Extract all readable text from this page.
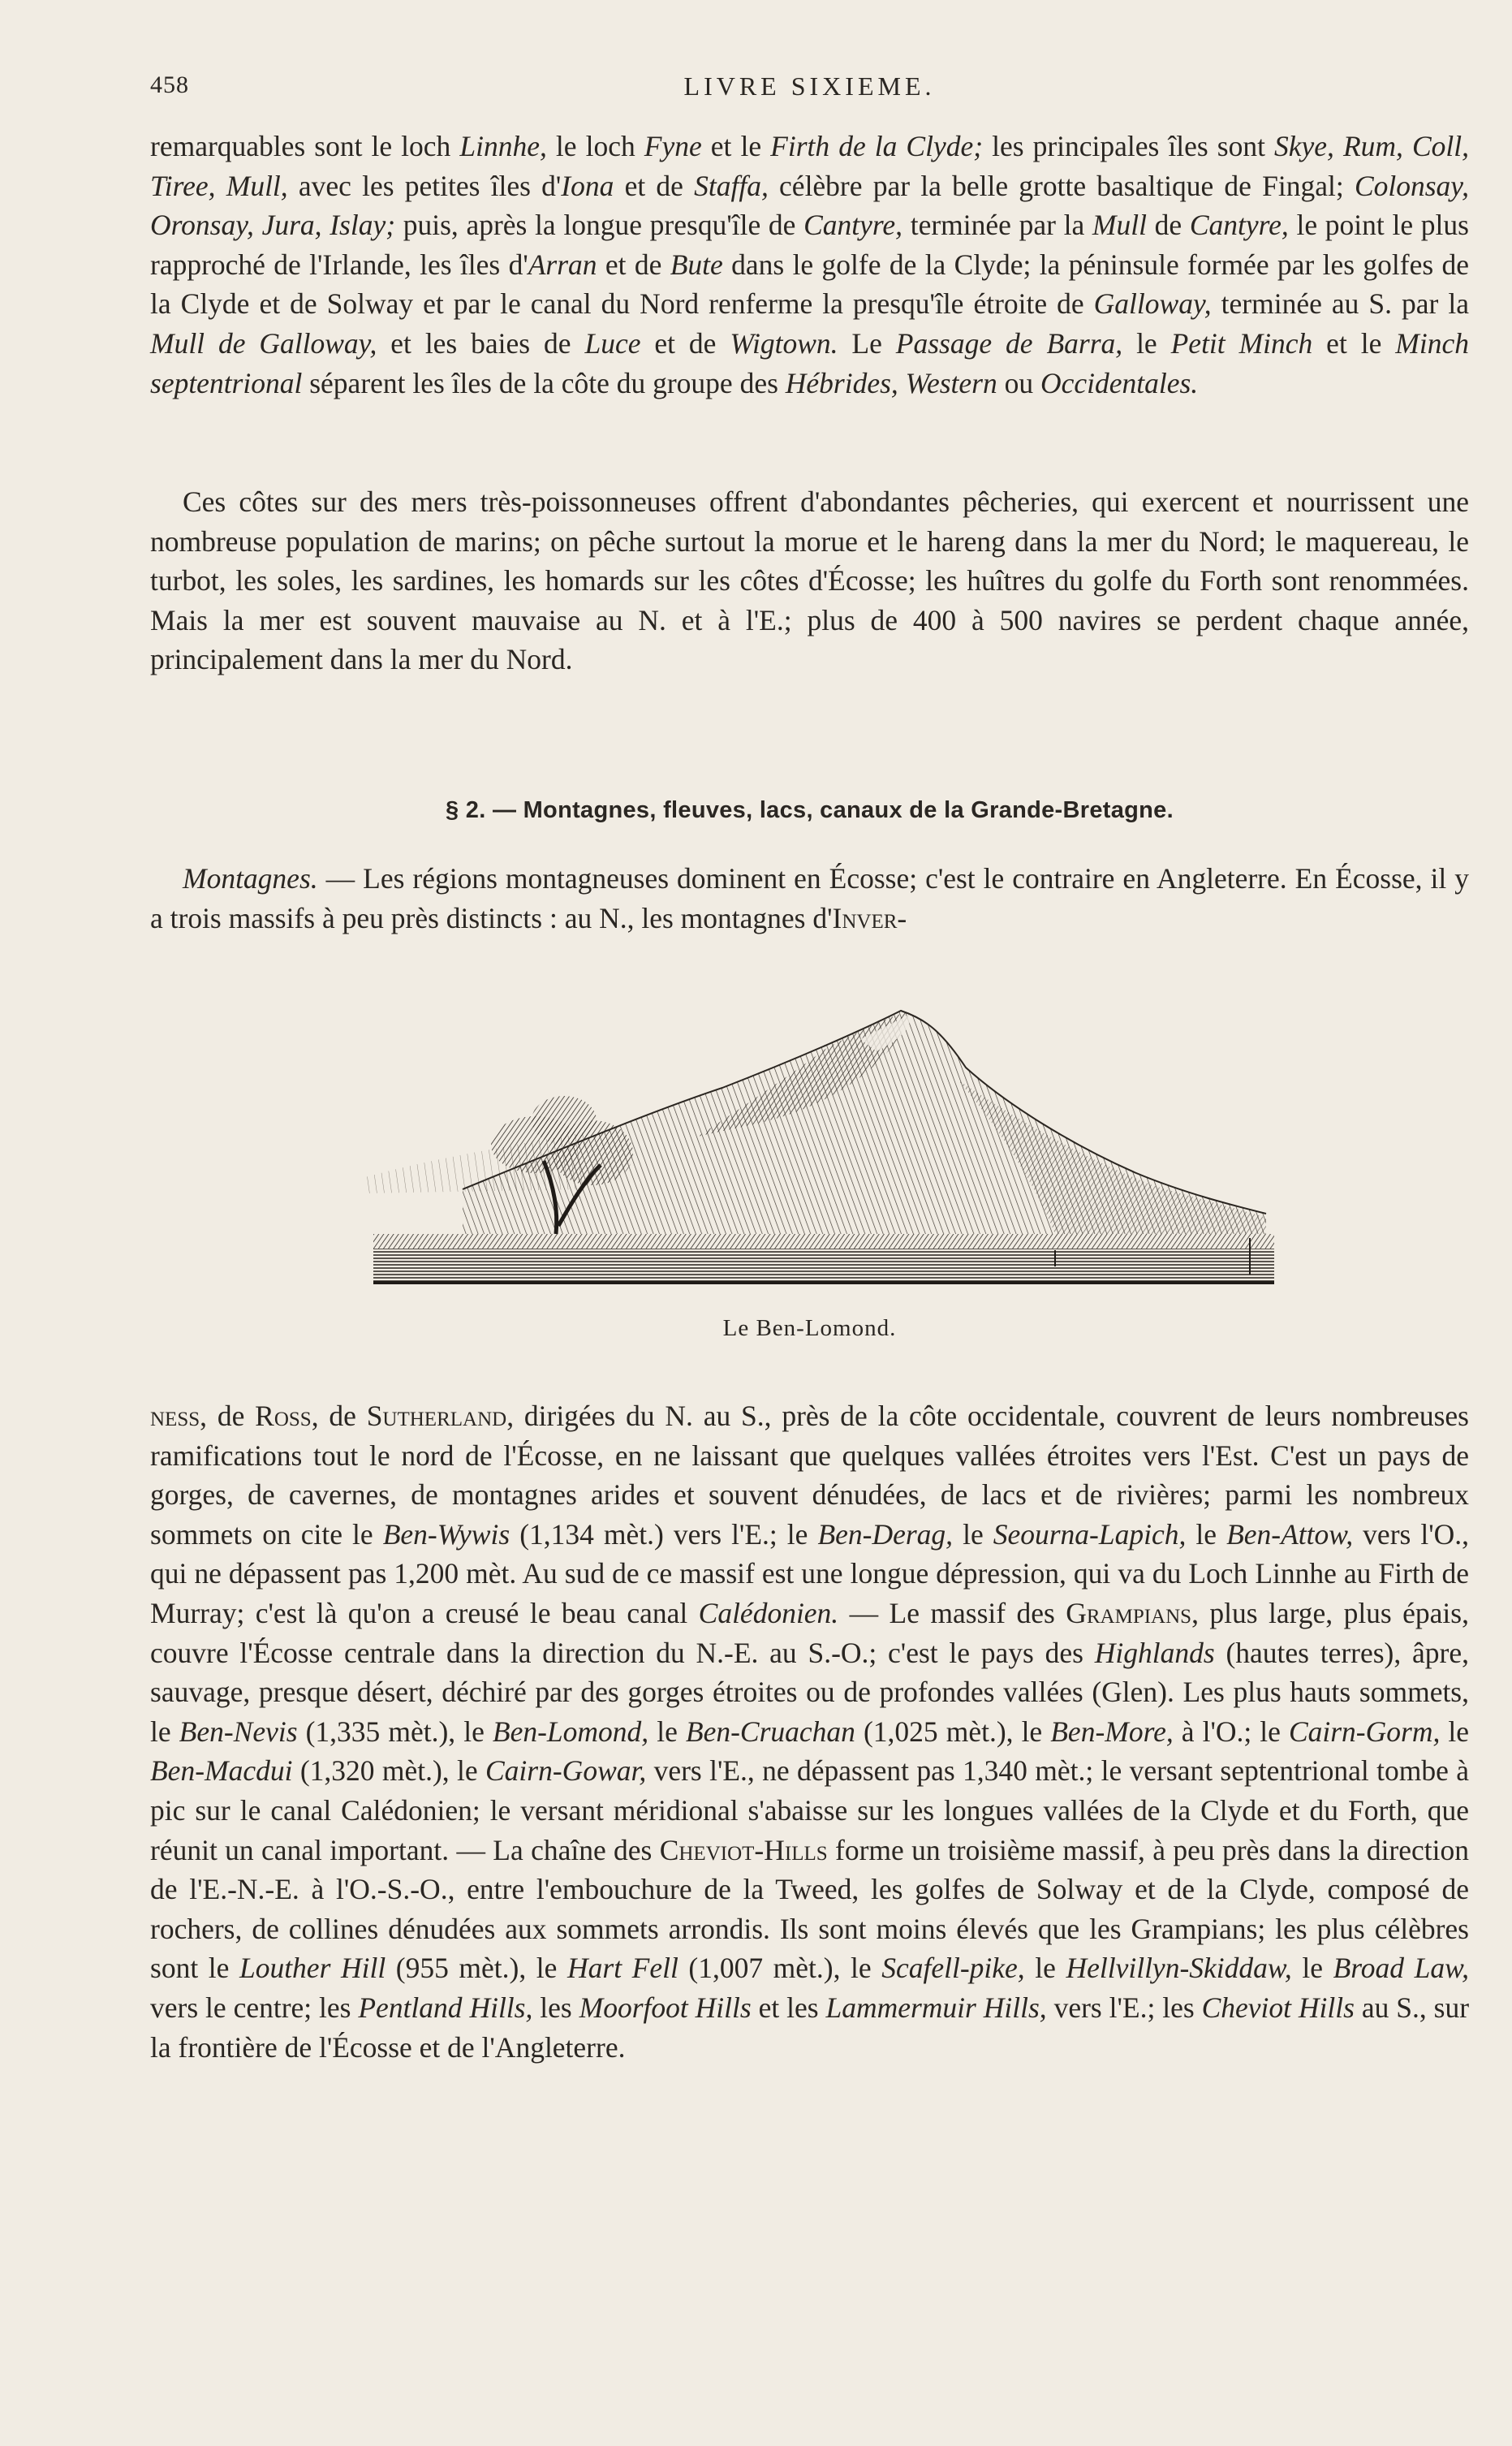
458	LIVRE SIXIEME.

remarquables sont le loch Linnhe, le loch Fyne et le Firth de la Clyde; les principales îles sont Skye, Rum, Coll, Tiree, Mull, avec les petites îles d'Iona et de Staffa, célèbre par la belle grotte basaltique de Fingal; Colonsay, Oronsay, Jura, Islay; puis, après la longue presqu'île de Cantyre, terminée par la Mull de Cantyre, le point le plus rapproché de l'Irlande, les îles d'Arran et de Bute dans le golfe de la Clyde; la péninsule formée par les golfes de la Clyde et de Solway et par le canal du Nord renferme la presqu'île étroite de Galloway, terminée au S. par la Mull de Galloway, et les baies de Luce et de Wigtown. Le Passage de Barra, le Petit Minch et le Minch septentrional séparent les îles de la côte du groupe des Hébrides, Western ou Occidentales.

Ces côtes sur des mers très-poissonneuses offrent d'abondantes pêcheries, qui exercent et nourrissent une nombreuse population de marins; on pêche surtout la morue et le hareng dans la mer du Nord; le maquereau, le turbot, les soles, les sardines, les homards sur les côtes d'Écosse; les huîtres du golfe du Forth sont renommées. Mais la mer est souvent mauvaise au N. et à l'E.; plus de 400 à 500 navires se perdent chaque année, principalement dans la mer du Nord.

§ 2. — Montagnes, fleuves, lacs, canaux de la Grande-Bretagne.

Montagnes. — Les régions montagneuses dominent en Écosse; c'est le contraire en Angleterre. En Écosse, il y a trois massifs à peu près distincts : au N., les montagnes d'Inver-

Le Ben-Lomond.

ness, de Ross, de Sutherland, dirigées du N. au S., près de la côte occidentale, couvrent de leurs nombreuses ramifications tout le nord de l'Écosse, en ne laissant que quelques vallées étroites vers l'Est. C'est un pays de gorges, de cavernes, de montagnes arides et souvent dénudées, de lacs et de rivières; parmi les nombreux sommets on cite le Ben-Wywis (1,134 mèt.) vers l'E.; le Ben-Derag, le Seourna-Lapich, le Ben-Attow, vers l'O., qui ne dépassent pas 1,200 mèt. Au sud de ce massif est une longue dépression, qui va du Loch Linnhe au Firth de Murray; c'est là qu'on a creusé le beau canal Calédonien. — Le massif des Grampians, plus large, plus épais, couvre l'Écosse centrale dans la direction du N.-E. au S.-O.; c'est le pays des Highlands (hautes terres), âpre, sauvage, presque désert, déchiré par des gorges étroites ou de profondes vallées (Glen). Les plus hauts sommets, le Ben-Nevis (1,335 mèt.), le Ben-Lomond, le Ben-Cruachan (1,025 mèt.), le Ben-More, à l'O.; le Cairn-Gorm, le Ben-Macdui (1,320 mèt.), le Cairn-Gowar, vers l'E., ne dépassent pas 1,340 mèt.; le versant septentrional tombe à pic sur le canal Calédonien; le versant méridional s'abaisse sur les longues vallées de la Clyde et du Forth, que réunit un canal important. — La chaîne des Cheviot-Hills forme un troisième massif, à peu près dans la direction de l'E.-N.-E. à l'O.-S.-O., entre l'embouchure de la Tweed, les golfes de Solway et de la Clyde, composé de rochers, de collines dénudées aux sommets arrondis. Ils sont moins élevés que les Grampians; les plus célèbres sont le Louther Hill (955 mèt.), le Hart Fell (1,007 mèt.), le Scafell-pike, le Hellvillyn-Skiddaw, le Broad Law, vers le centre; les Pentland Hills, les Moorfoot Hills et les Lammermuir Hills, vers l'E.; les Cheviot Hills au S., sur la frontière de l'Écosse et de l'Angleterre.
